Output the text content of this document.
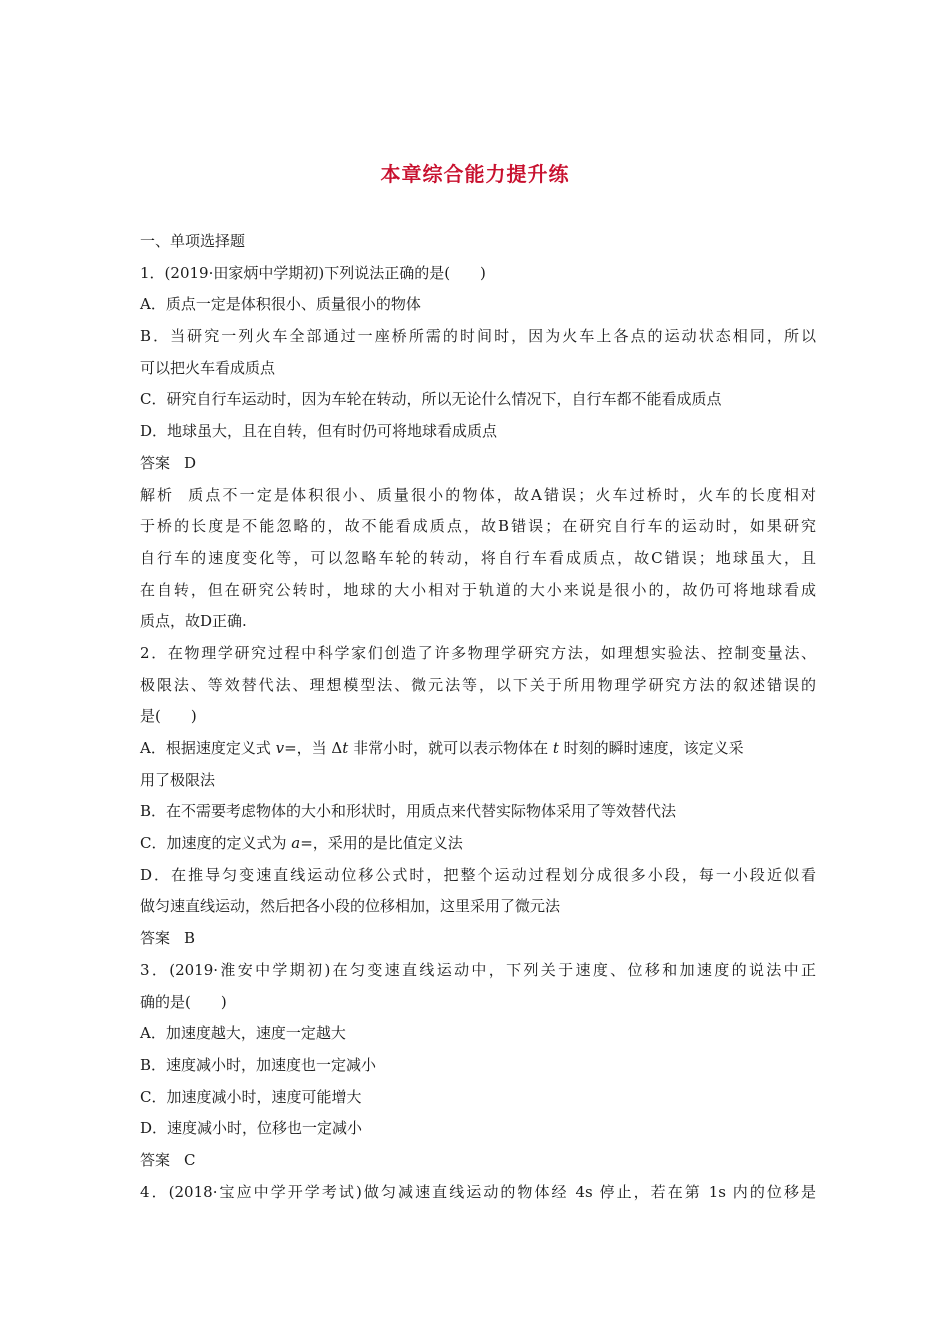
本章综合能力提升练
一、单项选择题
1．(2019·田家炳中学期初)下列说法正确的是(　　)
A．质点一定是体积很小、质量很小的物体
B．当研究一列火车全部通过一座桥所需的时间时，因为火车上各点的运动状态相同，所以
可以把火车看成质点
C．研究自行车运动时，因为车轮在转动，所以无论什么情况下，自行车都不能看成质点
D．地球虽大，且在自转，但有时仍可将地球看成质点
答案 D
解析 质点不一定是体积很小、质量很小的物体，故A错误；火车过桥时，火车的长度相对
于桥的长度是不能忽略的，故不能看成质点，故B错误；在研究自行车的运动时，如果研究
自行车的速度变化等，可以忽略车轮的转动，将自行车看成质点，故C错误；地球虽大，且
在自转，但在研究公转时，地球的大小相对于轨道的大小来说是很小的，故仍可将地球看成
质点，故D正确.
2．在物理学研究过程中科学家们创造了许多物理学研究方法，如理想实验法、控制变量法、
极限法、等效替代法、理想模型法、微元法等，以下关于所用物理学研究方法的叙述错误的
是(　　)
A．根据速度定义式 v=，当 Δt 非常小时，就可以表示物体在 t 时刻的瞬时速度，该定义采
用了极限法
B．在不需要考虑物体的大小和形状时，用质点来代替实际物体采用了等效替代法
C．加速度的定义式为 a=，采用的是比值定义法
D．在推导匀变速直线运动位移公式时，把整个运动过程划分成很多小段，每一小段近似看
做匀速直线运动，然后把各小段的位移相加，这里采用了微元法
答案 B
3．(2019·淮安中学期初)在匀变速直线运动中，下列关于速度、位移和加速度的说法中正
确的是(　　)
A．加速度越大，速度一定越大
B．速度减小时，加速度也一定减小
C．加速度减小时，速度可能增大
D．速度减小时，位移也一定减小
答案 C
4．(2018·宝应中学开学考试)做匀减速直线运动的物体经 4s 停止，若在第 1s 内的位移是
